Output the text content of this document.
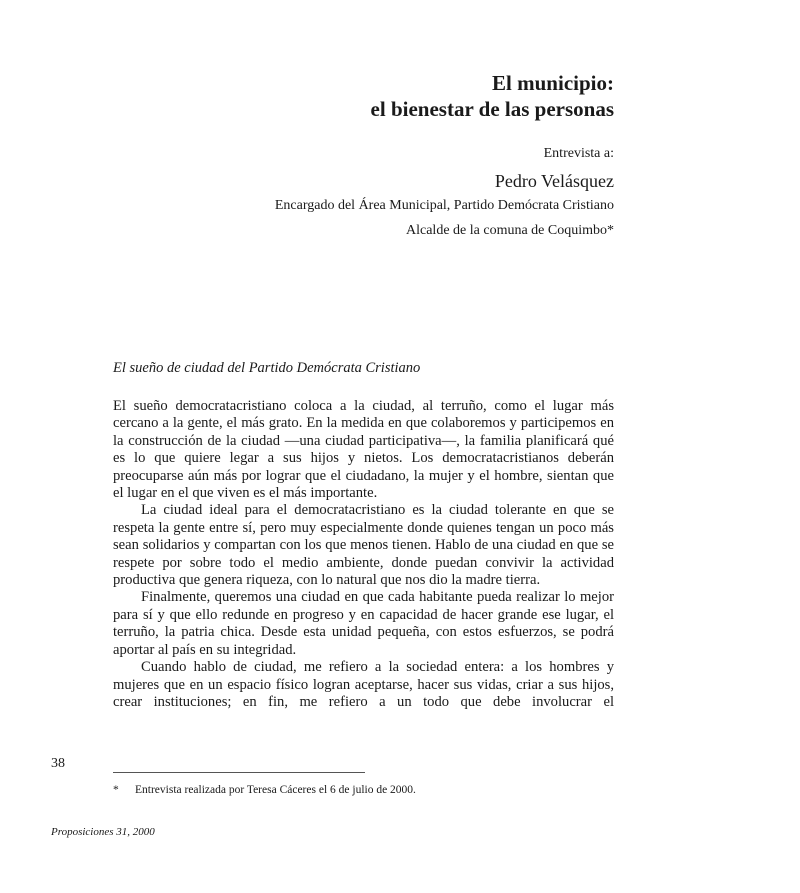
El municipio:
el bienestar de las personas
Entrevista a:
Pedro Velásquez
Encargado del Área Municipal, Partido Demócrata Cristiano
Alcalde de la comuna de Coquimbo*
El sueño de ciudad del Partido Demócrata Cristiano

El sueño democratacristiano coloca a la ciudad, al terruño, como el lugar más cercano a la gente, el más grato. En la medida en que colaboremos y participemos en la construcción de la ciudad —una ciudad participativa—, la familia planificará qué es lo que quiere legar a sus hijos y nietos. Los democratacristianos deberán preocuparse aún más por lograr que el ciudadano, la mujer y el hombre, sientan que el lugar en el que viven es el más importante.

La ciudad ideal para el democratacristiano es la ciudad tolerante en que se respeta la gente entre sí, pero muy especialmente donde quienes tengan un poco más sean solidarios y compartan con los que menos tienen. Hablo de una ciudad en que se respete por sobre todo el medio ambiente, donde puedan convivir la actividad productiva que genera riqueza, con lo natural que nos dio la madre tierra.

Finalmente, queremos una ciudad en que cada habitante pueda realizar lo mejor para sí y que ello redunde en progreso y en capacidad de hacer grande ese lugar, el terruño, la patria chica. Desde esta unidad pequeña, con estos esfuerzos, se podrá aportar al país en su integridad.

Cuando hablo de ciudad, me refiero a la sociedad entera: a los hombres y mujeres que en un espacio físico logran aceptarse, hacer sus vidas, criar a sus hijos, crear instituciones; en fin, me refiero a un todo que debe involucrar el

38
* Entrevista realizada por Teresa Cáceres el 6 de julio de 2000.
Proposiciones 31, 2000
